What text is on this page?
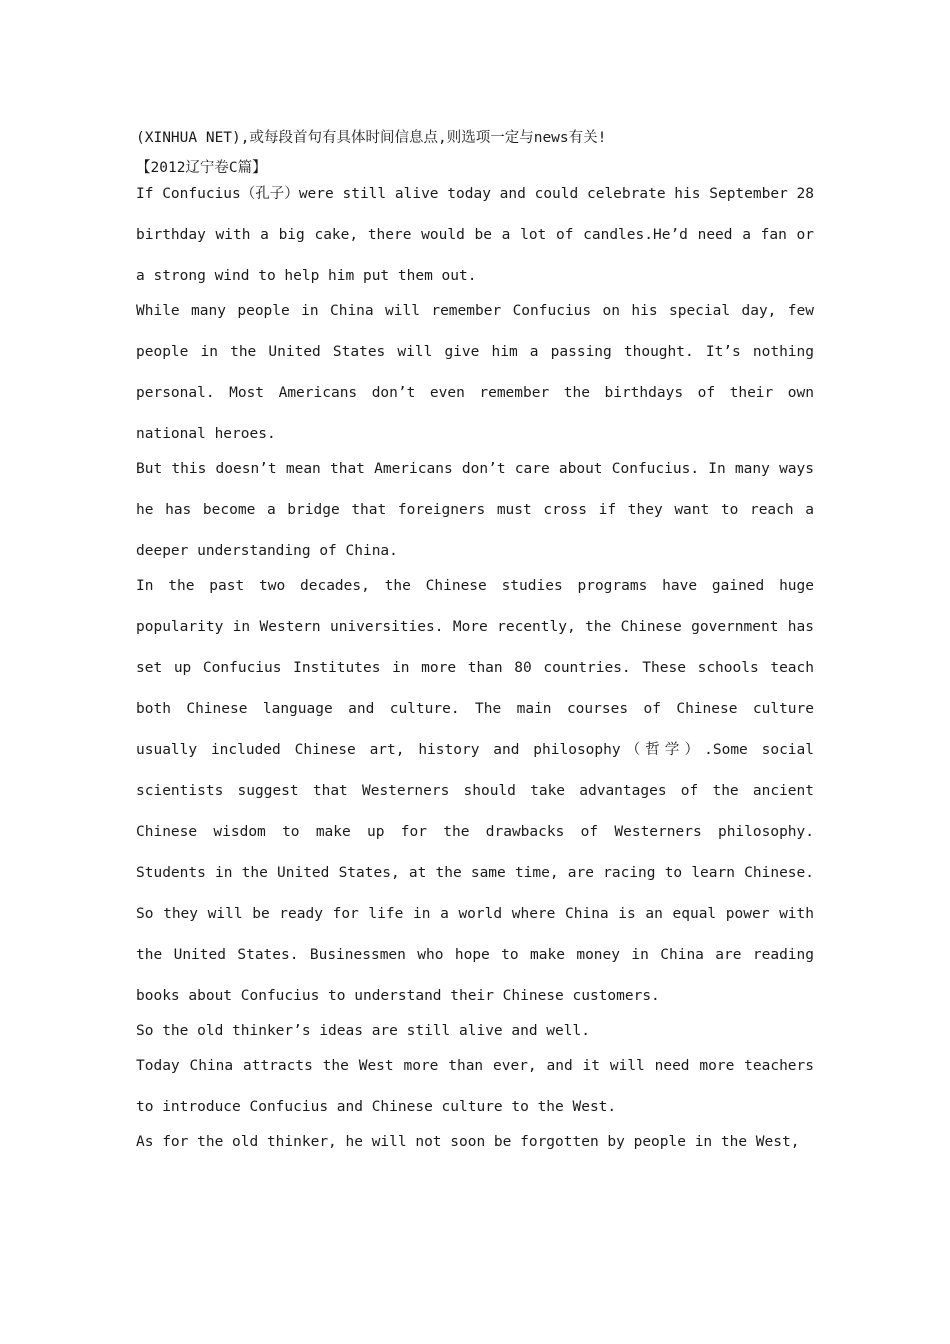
(XINHUA NET),或每段首句有具体时间信息点,则选项一定与news有关!
【2012辽宁卷C篇】

If Confucius（孔子）were still alive today and could celebrate his September 28 birthday with a big cake, there would be a lot of candles.He’d need a fan or a strong wind to help him put them out.

While many people in China will remember Confucius on his special day, few people in the United States will give him a passing thought. It’s nothing personal. Most Americans don’t even remember the birthdays of their own national heroes.

But this doesn’t mean that Americans don’t care about Confucius. In many ways he has become a bridge that foreigners must cross if they want to reach a deeper understanding of China.

In the past two decades, the Chinese studies programs have gained huge popularity in Western universities. More recently, the Chinese government has set up Confucius Institutes in more than 80 countries. These schools teach both Chinese language and culture. The main courses of Chinese culture usually included Chinese art, history and philosophy（哲学）.Some social scientists suggest that Westerners should take advantages of the ancient Chinese wisdom to make up for the drawbacks of Westerners philosophy. Students in the United States, at the same time, are racing to learn Chinese. So they will be ready for life in a world where China is an equal power with the United States. Businessmen who hope to make money in China are reading books about Confucius to understand their Chinese customers.

So the old thinker’s ideas are still alive and well.

Today China attracts the West more than ever, and it will need more teachers to introduce Confucius and Chinese culture to the West.

As for the old thinker, he will not soon be forgotten by people in the West,
